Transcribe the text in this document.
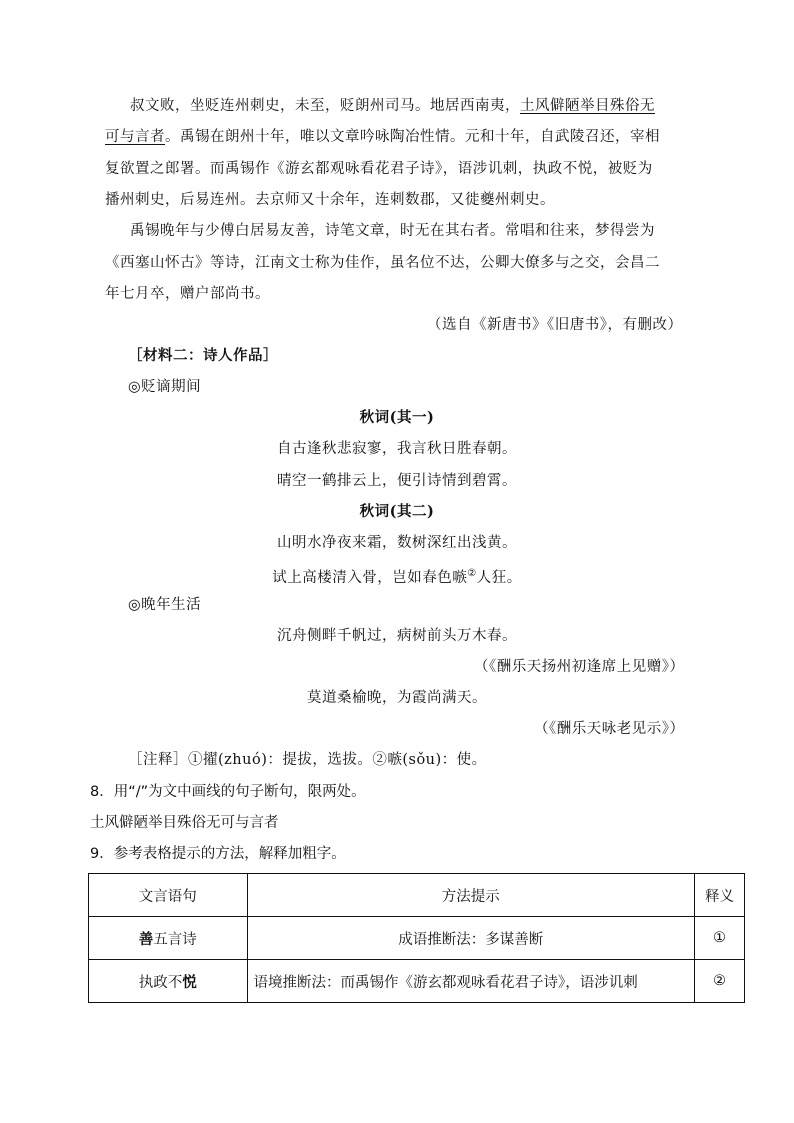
叔文败，坐贬连州刺史，未至，贬朗州司马。地居西南夷，土风僻陋举目殊俗无
可与言者。禹锡在朗州十年，唯以文章吟咏陶冶性情。元和十年，自武陵召还，宰相
复欲置之郎署。而禹锡作《游玄都观咏看花君子诗》，语涉讥刺，执政不悦，被贬为
播州刺史，后易连州。去京师又十余年，连刺数郡，又徙夔州刺史。
禹锡晚年与少傅白居易友善，诗笔文章，时无在其右者。常唱和往来，梦得尝为
《西塞山怀古》等诗，江南文士称为佳作，虽名位不达，公卿大僚多与之交，会昌二
年七月卒，赠户部尚书。
（选自《新唐书》《旧唐书》，有删改）
［材料二：诗人作品］
◎贬谪期间
秋词(其一)
自古逢秋悲寂寥，我言秋日胜春朝。
晴空一鹤排云上，便引诗情到碧霄。
秋词(其二)
山明水净夜来霜，数树深红出浅黄。
试上高楼清入骨，岂如春色嗾②人狂。
◎晚年生活
沉舟侧畔千帆过，病树前头万木春。
（《酬乐天扬州初逢席上见赠》）
莫道桑榆晚，为霞尚满天。
（《酬乐天咏老见示》）
［注释］①擢(zhuó)：提拔，选拔。②嗾(sǒu)：使。
8．用“/”为文中画线的句子断句，限两处。
土风僻陋举目殊俗无可与言者
9．参考表格提示的方法，解释加粗字。
文言语句	方法提示	释义
善五言诗	成语推断法：多谋善断	①
执政不悦	语境推断法：而禹锡作《游玄都观咏看花君子诗》，语涉讥刺	②
